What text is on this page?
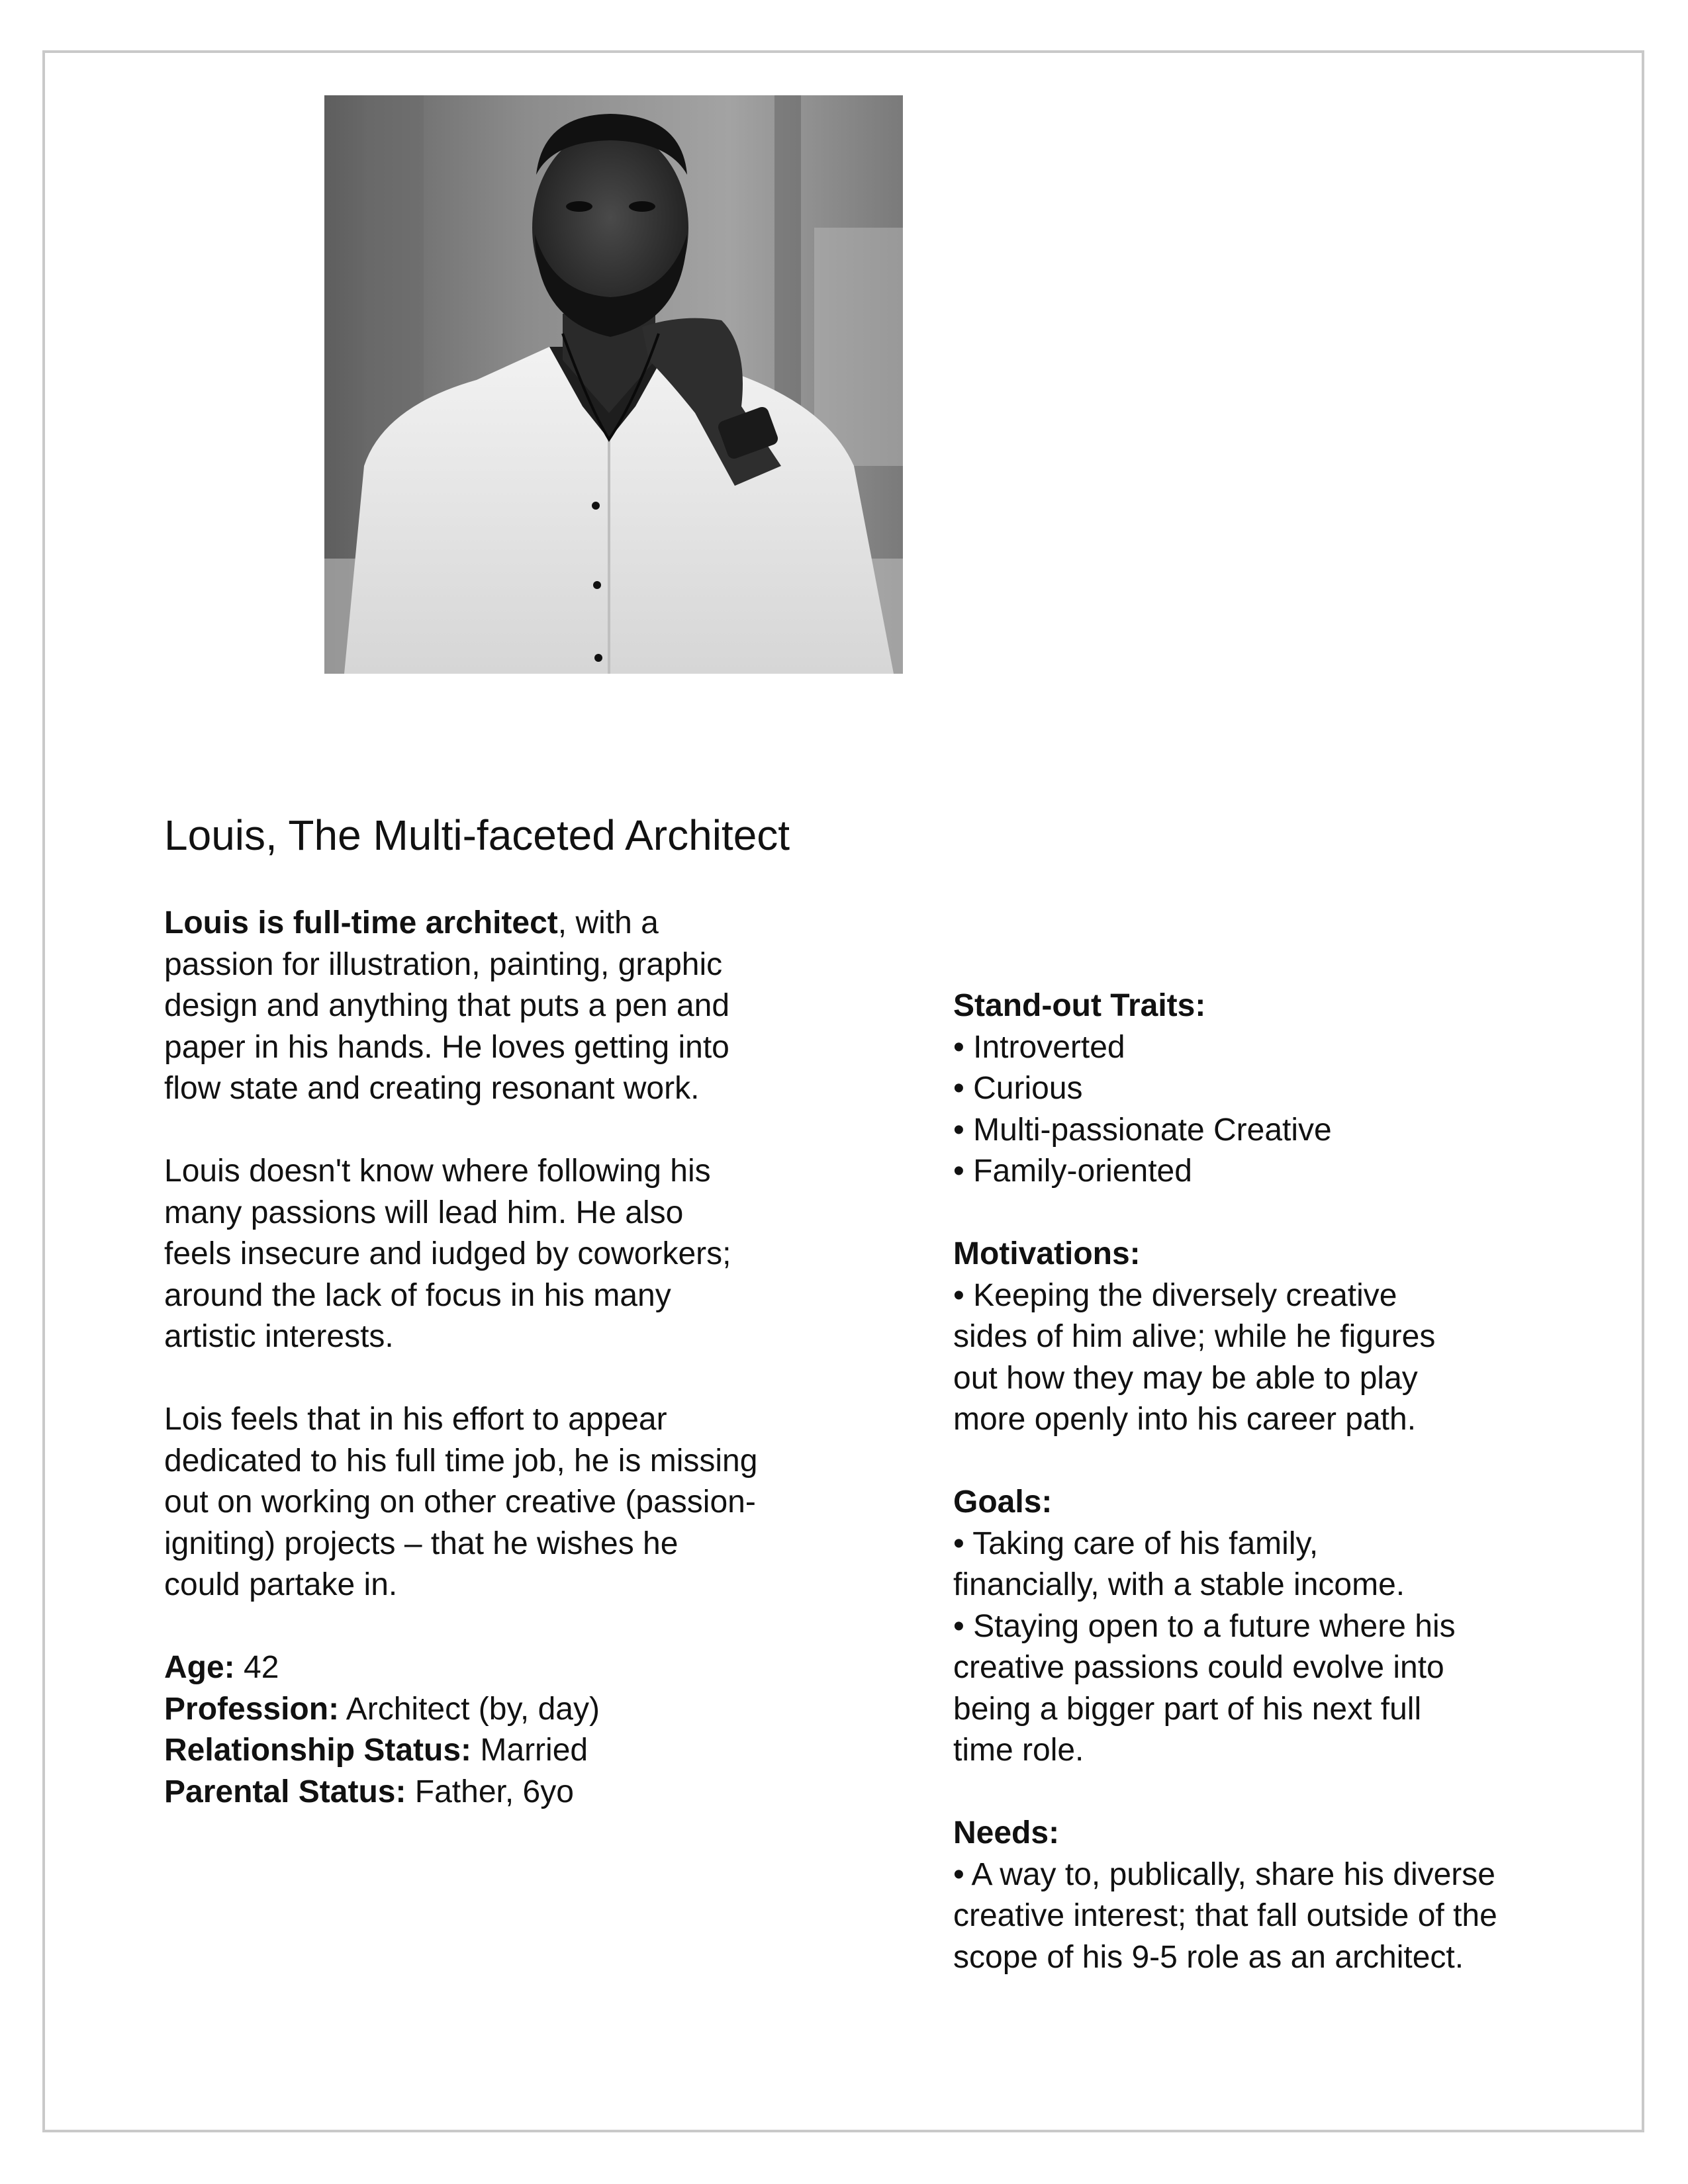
Louis, The Multi-faceted Architect

Louis is full-time architect, with a
passion for illustration, painting, graphic
design and anything that puts a pen and
paper in his hands. He loves getting into
flow state and creating resonant work.

Louis doesn't know where following his
many passions will lead him. He also
feels insecure and iudged by coworkers;
around the lack of focus in his many
artistic interests.

Lois feels that in his effort to appear
dedicated to his full time job, he is missing
out on working on other creative (passion-
igniting) projects – that he wishes he
could partake in.

Age: 42
Profession: Architect (by, day)
Relationship Status: Married
Parental Status: Father, 6yo
Stand-out Traits:
• Introverted
• Curious
• Multi-passionate Creative
• Family-oriented
Motivations:
• Keeping the diversely creative
sides of him alive; while he figures
out how they may be able to play
more openly into his career path.
Goals:
• Taking care of his family,
financially, with a stable income.
• Staying open to a future where his
creative passions could evolve into
being a bigger part of his next full
time role.
Needs:
• A way to, publically, share his diverse
creative interest; that fall outside of the
scope of his 9-5 role as an architect.
